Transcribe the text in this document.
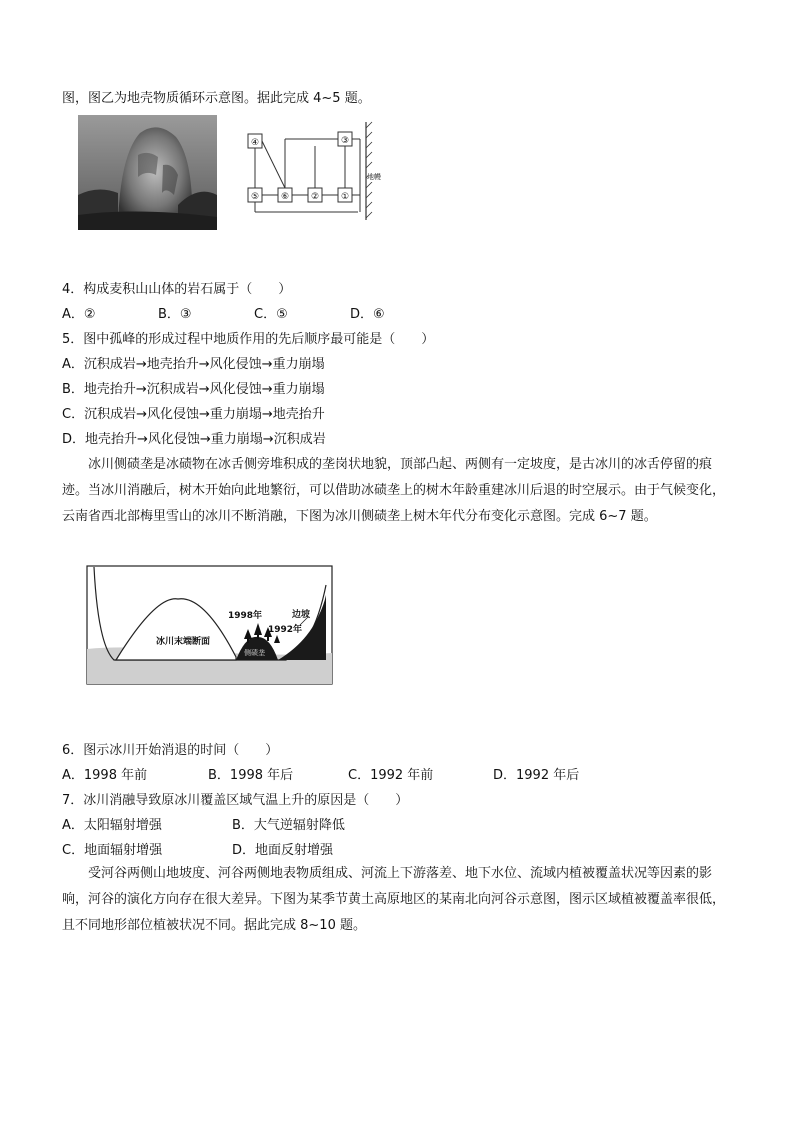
图，图乙为地壳物质循环示意图。据此完成 4~5 题。
④	③
⑤ ⑥ ② ①
地幔
4．构成麦积山山体的岩石属于（　　）
A．②	B．③	C．⑤	D．⑥
5．图中孤峰的形成过程中地质作用的先后顺序最可能是（　　）
A．沉积成岩→地壳抬升→风化侵蚀→重力崩塌
B．地壳抬升→沉积成岩→风化侵蚀→重力崩塌
C．沉积成岩→风化侵蚀→重力崩塌→地壳抬升
D．地壳抬升→风化侵蚀→重力崩塌→沉积成岩
冰川侧碛垄是冰碛物在冰舌侧旁堆积成的垄岗状地貌，顶部凸起、两侧有一定坡度，是古冰川的冰舌停留的痕迹。当冰川消融后，树木开始向此地繁衍，可以借助冰碛垄上的树木年龄重建冰川后退的时空展示。由于气候变化，云南省西北部梅里雪山的冰川不断消融，下图为冰川侧碛垄上树木年代分布变化示意图。完成 6~7 题。
冰川末端断面
1998年
1992年
边坡
侧碛垄
6．图示冰川开始消退的时间（　　）
A．1998 年前	B．1998 年后	C．1992 年前	D．1992 年后
7．冰川消融导致原冰川覆盖区域气温上升的原因是（　　）
A．太阳辐射增强	B．大气逆辐射降低
C．地面辐射增强	D．地面反射增强
受河谷两侧山地坡度、河谷两侧地表物质组成、河流上下游落差、地下水位、流域内植被覆盖状况等因素的影响，河谷的演化方向存在很大差异。下图为某季节黄土高原地区的某南北向河谷示意图，图示区域植被覆盖率很低，且不同地形部位植被状况不同。据此完成 8~10 题。
